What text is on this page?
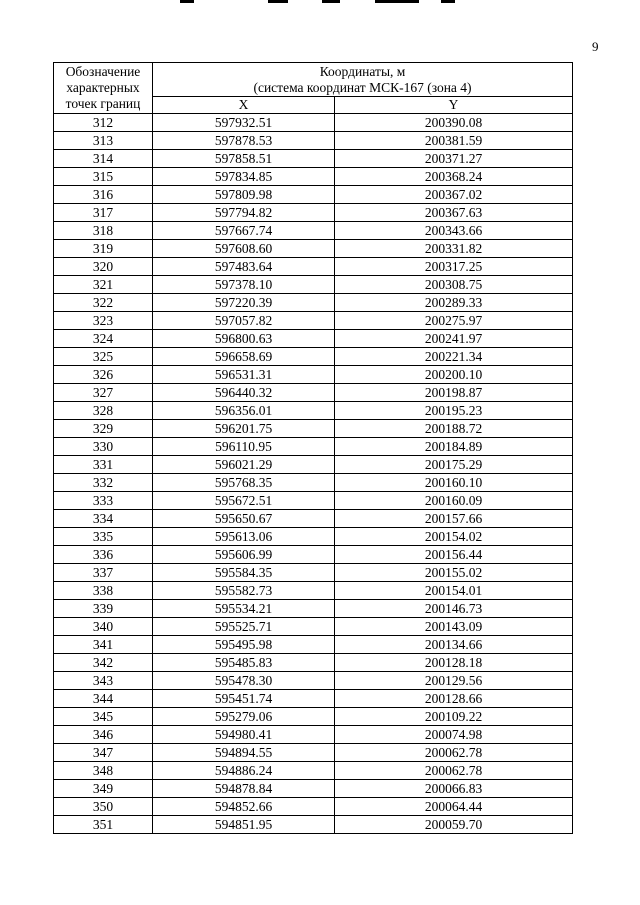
9
Обозначение
характерных
точек границ	Координаты, м
(система координат МСК-167 (зона 4)	

	X	Y
312	597932.51	200390.08
313	597878.53	200381.59
314	597858.51	200371.27
315	597834.85	200368.24
316	597809.98	200367.02
317	597794.82	200367.63
318	597667.74	200343.66
319	597608.60	200331.82
320	597483.64	200317.25
321	597378.10	200308.75
322	597220.39	200289.33
323	597057.82	200275.97
324	596800.63	200241.97
325	596658.69	200221.34
326	596531.31	200200.10
327	596440.32	200198.87
328	596356.01	200195.23
329	596201.75	200188.72
330	596110.95	200184.89
331	596021.29	200175.29
332	595768.35	200160.10
333	595672.51	200160.09
334	595650.67	200157.66
335	595613.06	200154.02
336	595606.99	200156.44
337	595584.35	200155.02
338	595582.73	200154.01
339	595534.21	200146.73
340	595525.71	200143.09
341	595495.98	200134.66
342	595485.83	200128.18
343	595478.30	200129.56
344	595451.74	200128.66
345	595279.06	200109.22
346	594980.41	200074.98
347	594894.55	200062.78
348	594886.24	200062.78
349	594878.84	200066.83
350	594852.66	200064.44
351	594851.95	200059.70
